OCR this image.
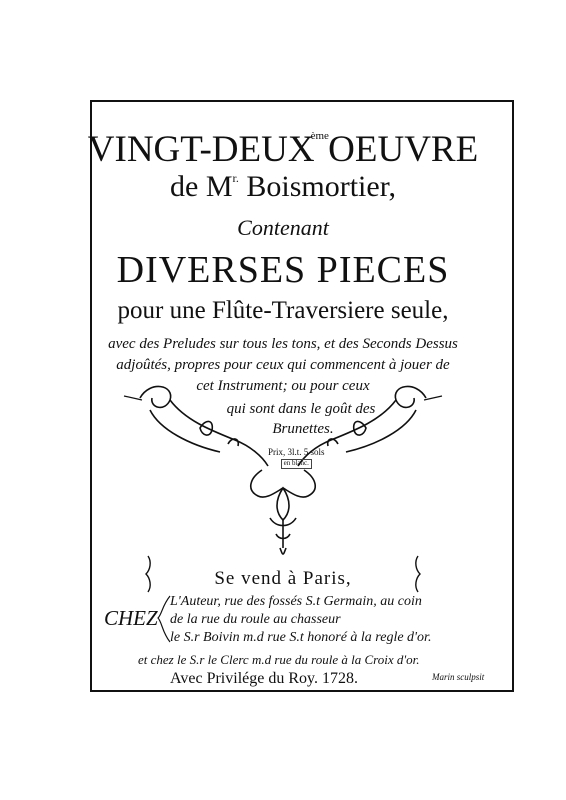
VINGT-$DEUX^{ème}$ OEUVRE
de $M^{r.}$ Boismortier,
Contenant
DIVERSES PIECES
pour une Flûte-Traversiere seule,
avec des Preludes sur tous les tons, et des Seconds Dessus
adjoûtés, propres pour ceux qui commencent à jouer de
cet Instrument; ou pour ceux
qui sont dans le goût des
Brunettes.
Prix, 3l.t. 5 sols
en blanc.
Se vend à Paris,
CHEZ
L'Auteur, rue des fossés S.t Germain, au coin
de la rue du roule au chasseur
le S.r Boivin m.d rue S.t honoré à la regle d'or.
et chez le S.r le Clerc m.d rue du roule à la Croix d'or.
Avec Privilége du Roy. 1728.	Marin sculpsit
